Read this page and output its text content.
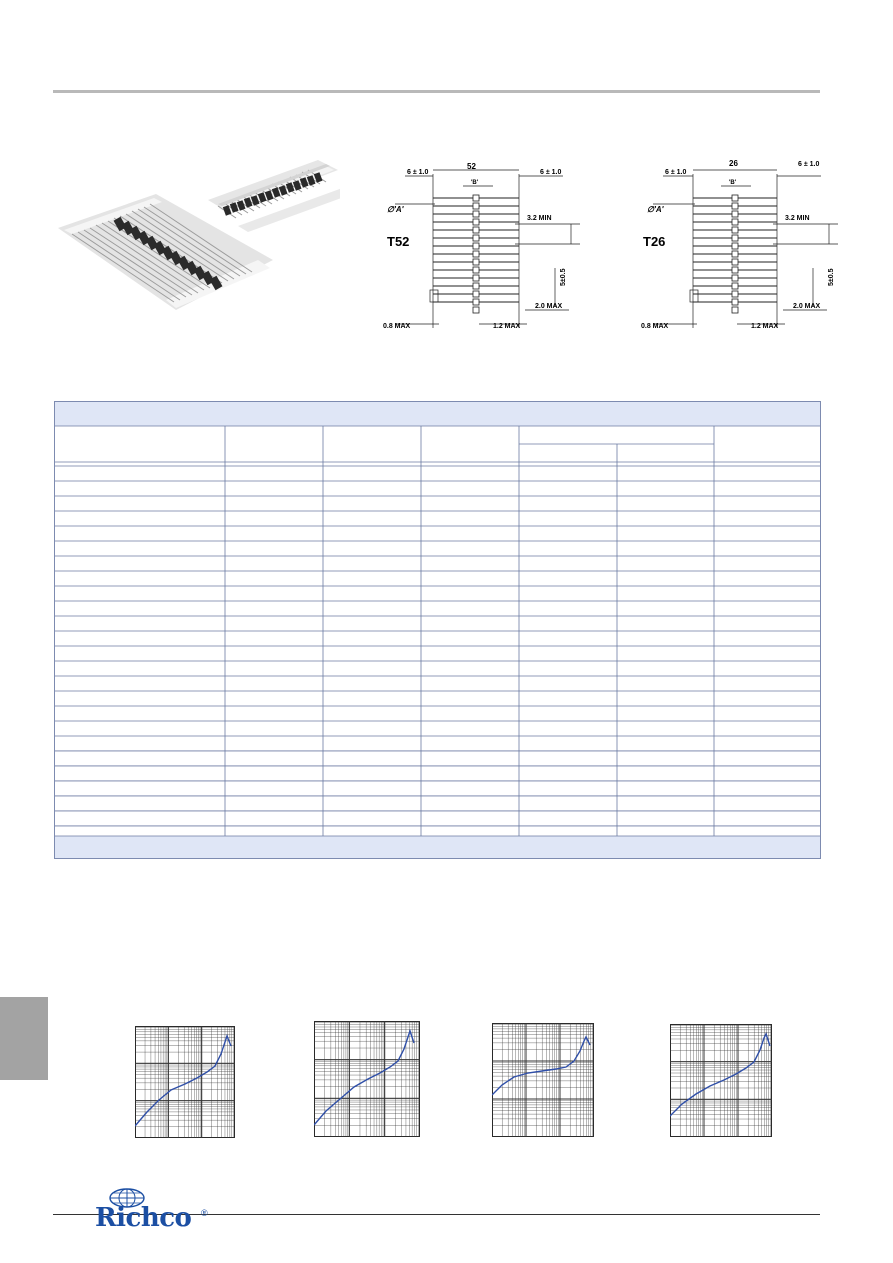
52
6 ± 1.0	6 ± 1.0
'B'
∅'A'
3.2 MIN
T52
5±0.5
2.0 MAX
0.8 MAX	1.2 MAX
26
6 ± 1.0
6 ± 1.0
'B'
∅'A'
3.2 MIN
T26
5±0.5
2.0 MAX
0.8 MAX	1.2 MAX
Richco ®
